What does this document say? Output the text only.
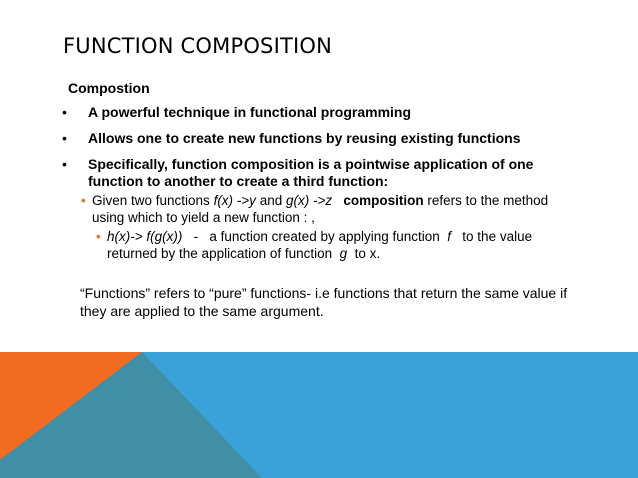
FUNCTION COMPOSITION
Compostion
• A powerful technique in functional programming
• Allows one to create new functions by reusing existing functions
• Specifically, function composition is a pointwise application of one function to another to create a third function:
• Given two functions f(x) ->y and g(x) ->z composition refers to the method using which to yield a new function : ,
• h(x)-> f(g(x))   -   a function created by applying function  f   to the value returned by the application of function  g  to x.
“Functions” refers to “pure” functions- i.e functions that return the same value if they are applied to the same argument.
